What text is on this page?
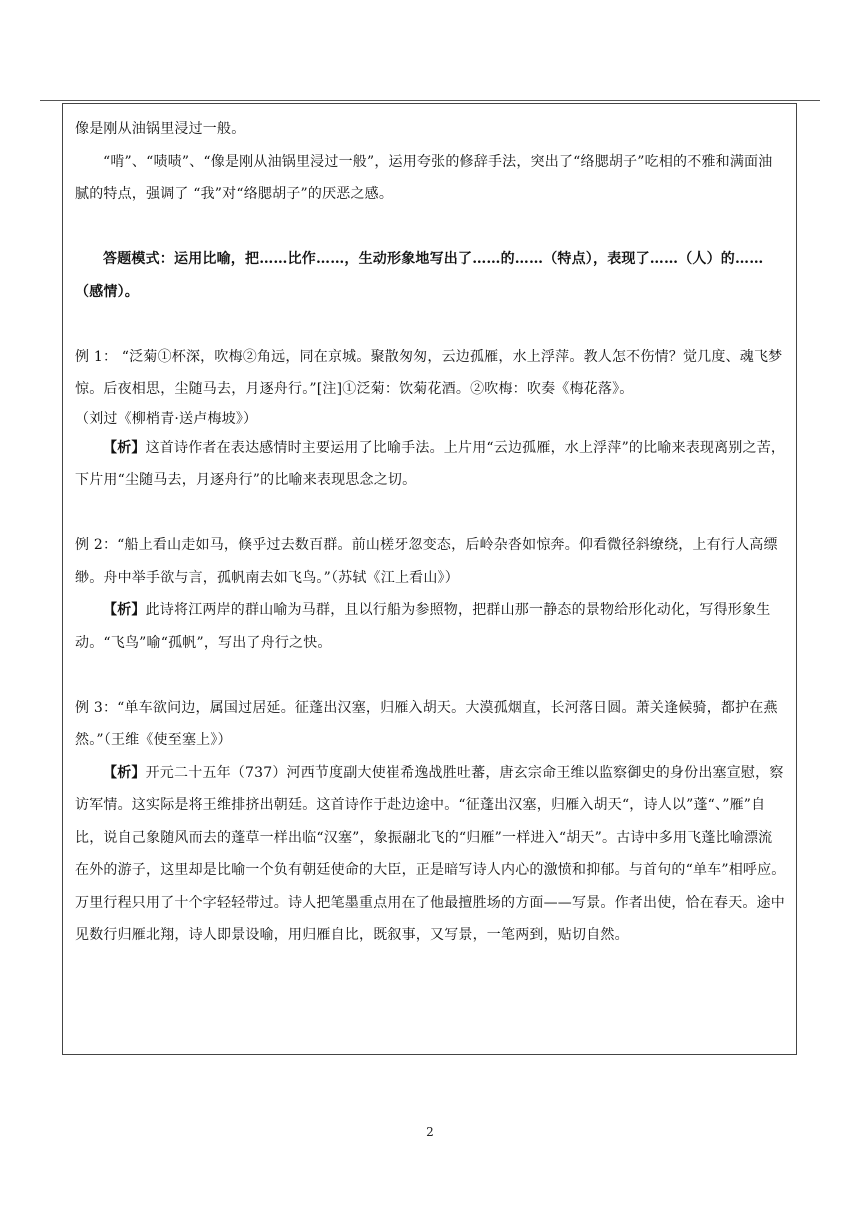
像是刚从油锅里浸过一般。

“啃”、“啧啧”、“像是刚从油锅里浸过一般”，运用夸张的修辞手法，突出了“络腮胡子”吃相的不雅和满面油腻的特点，强调了 “我”对“络腮胡子”的厌恶之感。

答题模式：运用比喻，把……比作……，生动形象地写出了……的……（特点），表现了……（人）的……（感情）。

例 1： “泛菊①杯深，吹梅②角远，同在京城。聚散匆匆，云边孤雁，水上浮萍。教人怎不伤情？觉几度、魂飞梦惊。后夜相思，尘随马去，月逐舟行。”[注]①泛菊：饮菊花酒。②吹梅：吹奏《梅花落》。

（刘过《柳梢青·送卢梅坡》）

【析】这首诗作者在表达感情时主要运用了比喻手法。上片用“云边孤雁，水上浮萍”的比喻来表现离别之苦，下片用“尘随马去，月逐舟行”的比喻来表现思念之切。

例 2：“船上看山走如马，倏乎过去数百群。前山槎牙忽变态，后岭杂沓如惊奔。仰看微径斜缭绕，上有行人高缥缈。舟中举手欲与言，孤帆南去如飞鸟。”（苏轼《江上看山》）

【析】此诗将江两岸的群山喻为马群，且以行船为参照物，把群山那一静态的景物给形化动化，写得形象生动。“飞鸟”喻“孤帆”，写出了舟行之快。

例 3：“单车欲问边，属国过居延。征蓬出汉塞，归雁入胡天。大漠孤烟直，长河落日圆。萧关逢候骑，都护在燕然。”（王维《使至塞上》）

【析】开元二十五年（737）河西节度副大使崔希逸战胜吐蕃，唐玄宗命王维以监察御史的身份出塞宣慰，察访军情。这实际是将王维排挤出朝廷。这首诗作于赴边途中。“征蓬出汉塞，归雁入胡天“，诗人以”蓬“、”雁”自比，说自己象随风而去的蓬草一样出临“汉塞”，象振翮北飞的“归雁”一样进入“胡天”。古诗中多用飞蓬比喻漂流在外的游子，这里却是比喻一个负有朝廷使命的大臣，正是暗写诗人内心的激愤和抑郁。与首句的“单车”相呼应。万里行程只用了十个字轻轻带过。诗人把笔墨重点用在了他最擅胜场的方面——写景。作者出使，恰在春天。途中见数行归雁北翔，诗人即景设喻，用归雁自比，既叙事，又写景，一笔两到，贴切自然。

2
